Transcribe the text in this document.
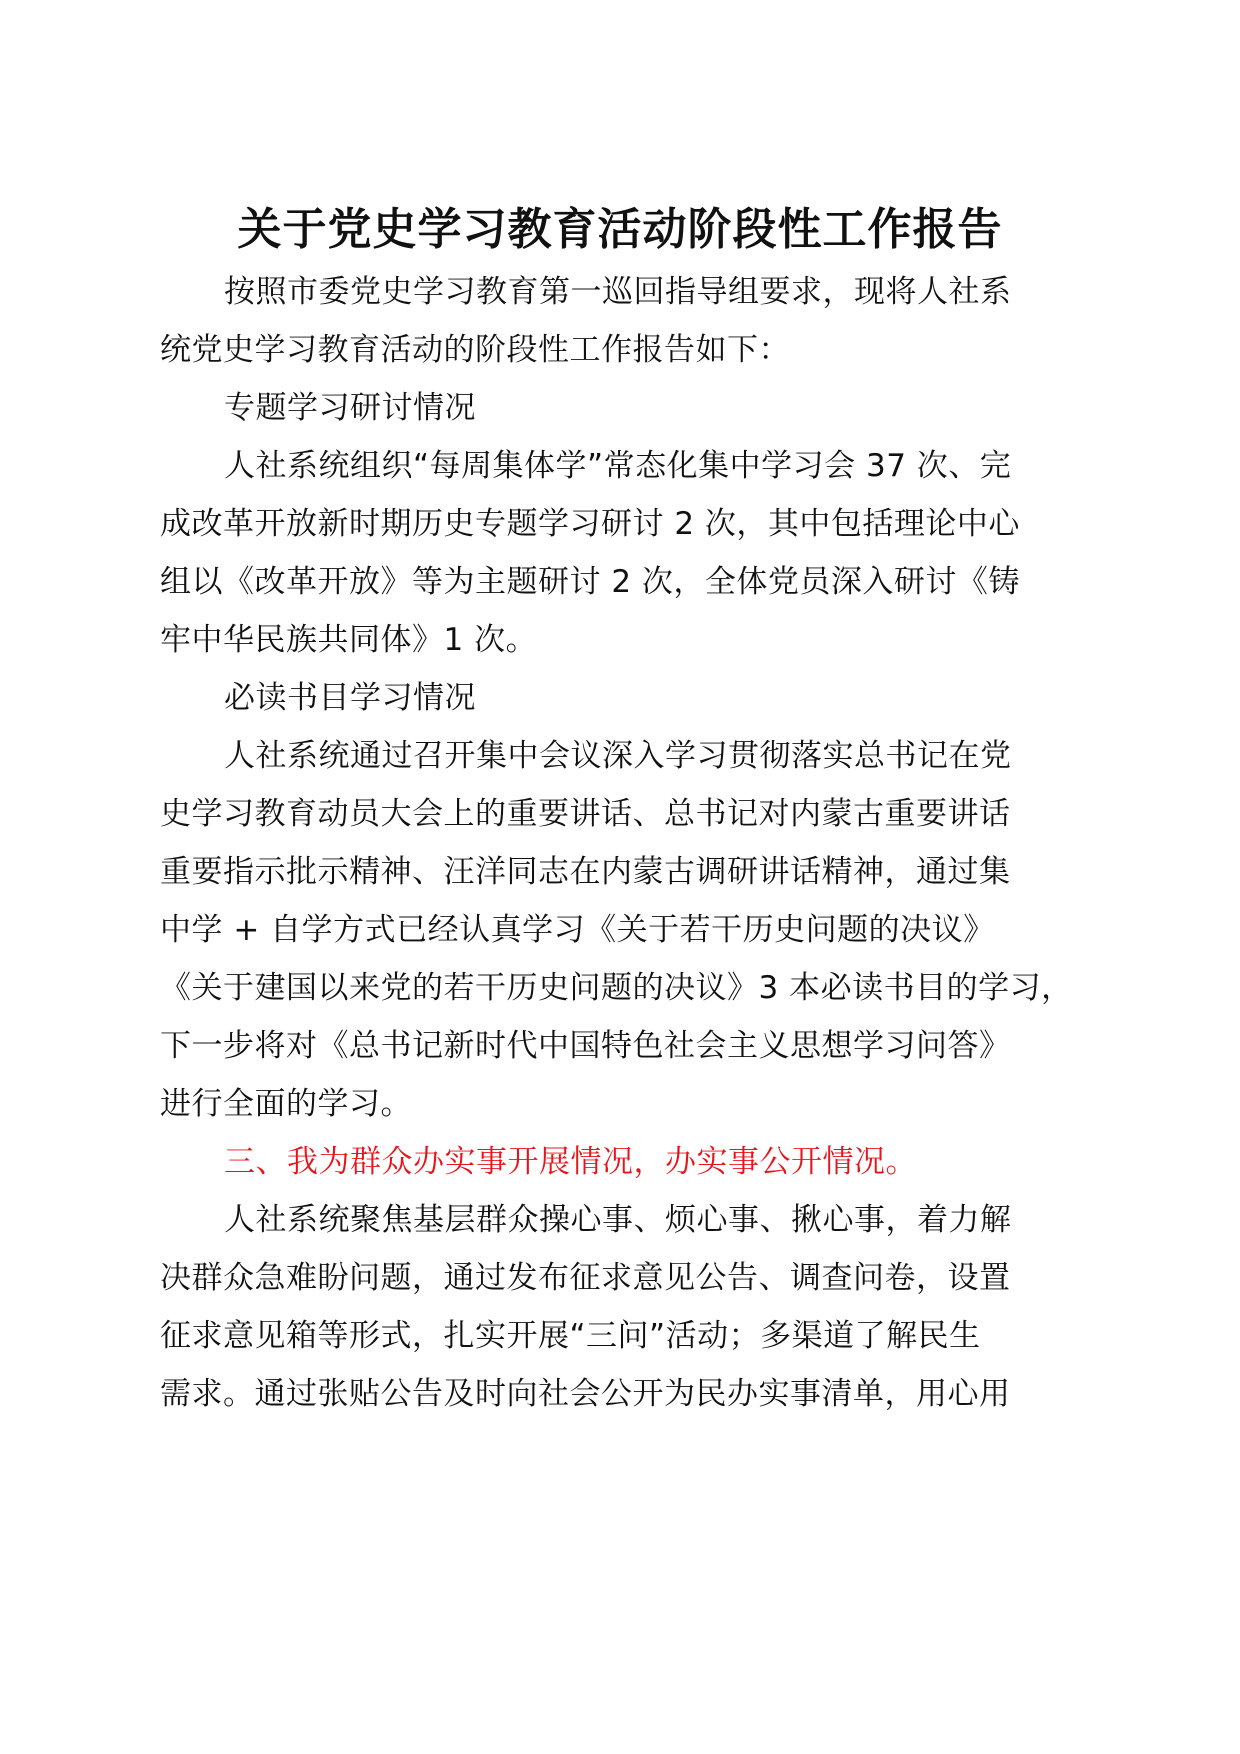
关于党史学习教育活动阶段性工作报告
按照市委党史学习教育第一巡回指导组要求，现将人社系
统党史学习教育活动的阶段性工作报告如下：
专题学习研讨情况
人社系统组织“每周集体学”常态化集中学习会 37 次、完
成改革开放新时期历史专题学习研讨 2 次，其中包括理论中心
组以《改革开放》等为主题研讨 2 次，全体党员深入研讨《铸
牢中华民族共同体》1 次。
必读书目学习情况
人社系统通过召开集中会议深入学习贯彻落实总书记在党
史学习教育动员大会上的重要讲话、总书记对内蒙古重要讲话
重要指示批示精神、汪洋同志在内蒙古调研讲话精神，通过集
中学 + 自学方式已经认真学习《关于若干历史问题的决议》
《关于建国以来党的若干历史问题的决议》3 本必读书目的学习，
下一步将对《总书记新时代中国特色社会主义思想学习问答》
进行全面的学习。
三、我为群众办实事开展情况，办实事公开情况。
人社系统聚焦基层群众操心事、烦心事、揪心事，着力解
决群众急难盼问题，通过发布征求意见公告、调查问卷，设置
征求意见箱等形式，扎实开展“三问”活动；多渠道了解民生
需求。通过张贴公告及时向社会公开为民办实事清单，用心用
